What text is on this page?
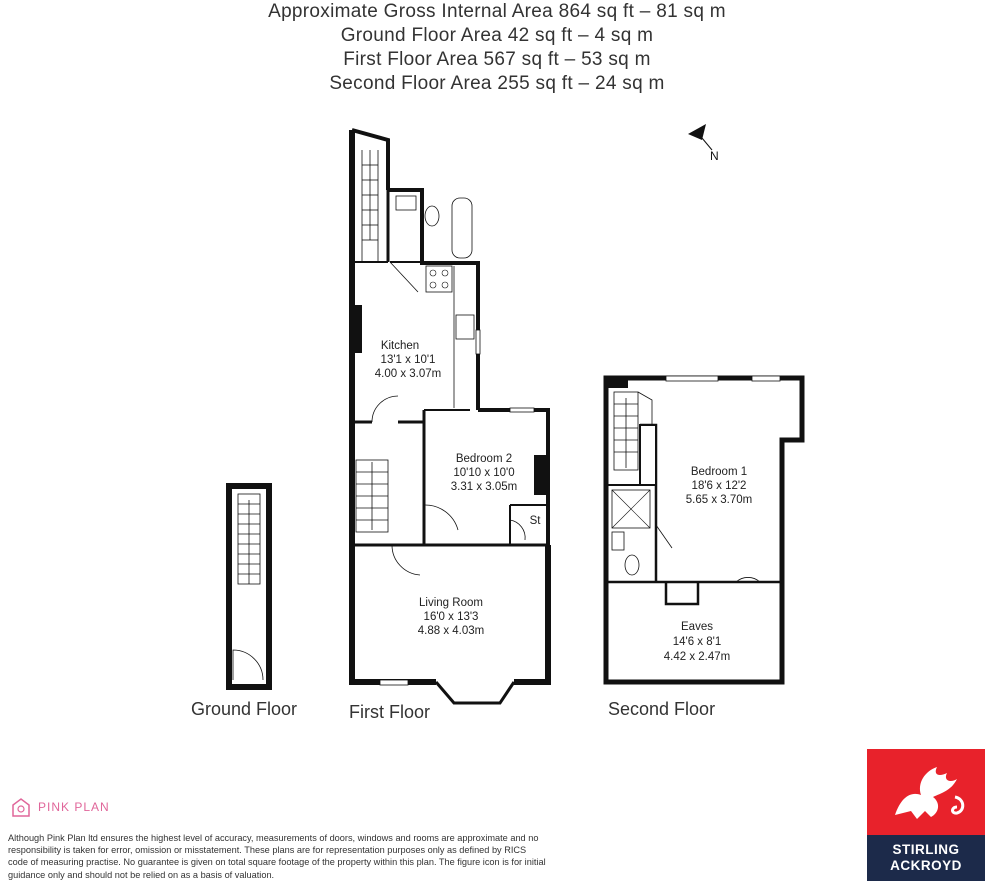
Approximate Gross Internal Area 864 sq ft – 81 sq m
Ground Floor Area 42 sq ft – 4 sq m
First Floor Area 567 sq ft – 53 sq m
Second Floor Area 255 sq ft – 24 sq m
N
Ground Floor
Kitchen
13'1 x 10'1
4.00 x 3.07m
Bedroom 2
10'10 x 10'0
3.31 x 3.05m
St
Living Room
16'0 x 13'3
4.88 x 4.03m
First Floor
Bedroom 1
18'6 x 12'2
5.65 x 3.70m
Eaves
14'6 x 8'1
4.42 x 2.47m
Second Floor
PINK PLAN
Although Pink Plan ltd ensures the highest level of accuracy, measurements of doors, windows and rooms are approximate and no responsibility is taken for error, omission or misstatement. These plans are for representation purposes only as defined by RICS code of measuring practise. No guarantee is given on total square footage of the property within this plan. The figure icon is for initial guidance only and should not be relied on as a basis of valuation.
STIRLING
ACKROYD
